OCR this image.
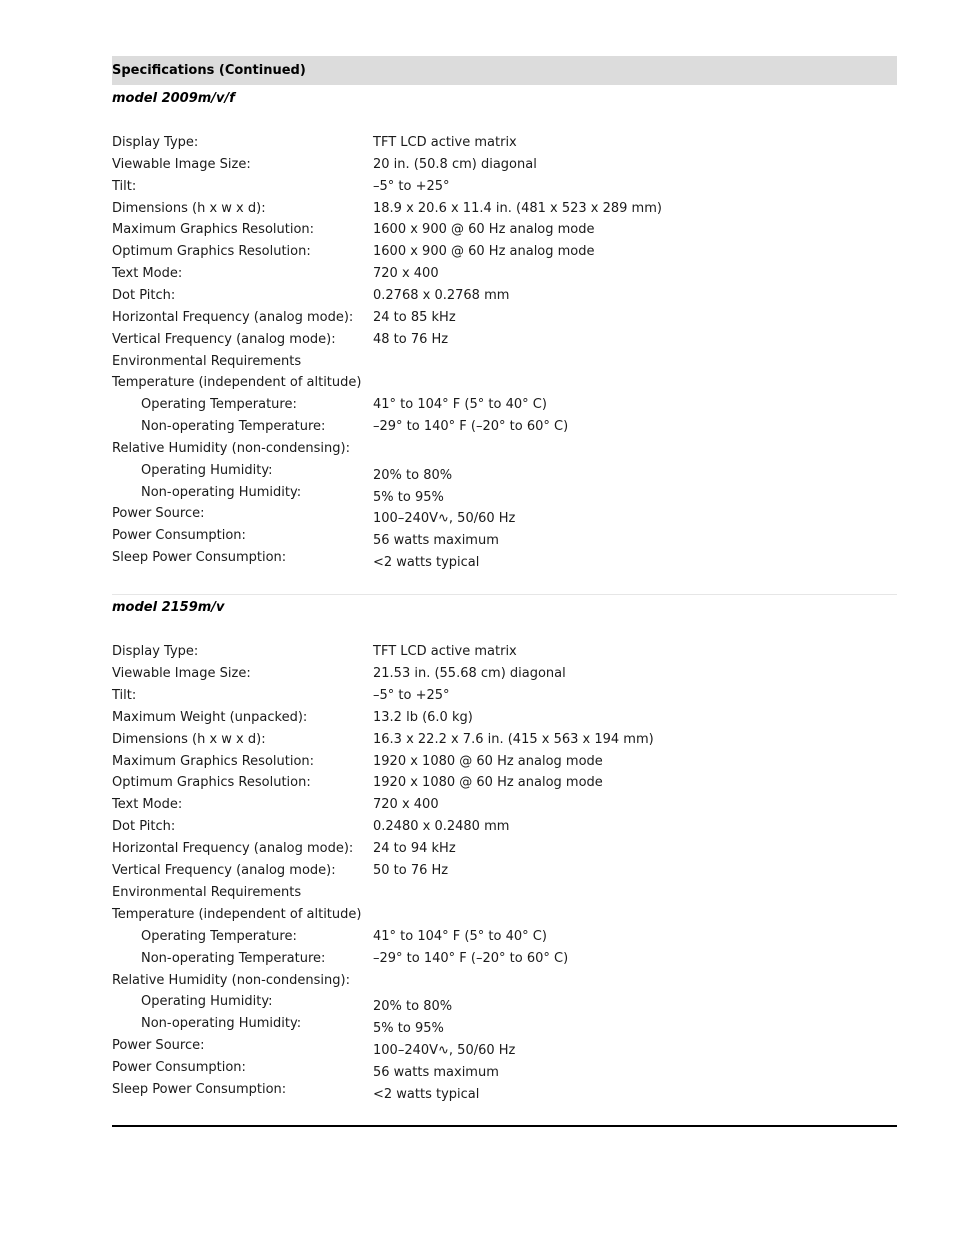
Specifications (Continued)
model 2009m/v/f
Display Type:	TFT LCD active matrix
Viewable Image Size:	20 in. (50.8 cm) diagonal
Tilt:	–5° to +25°
Dimensions (h x w x d):	18.9 x 20.6 x 11.4 in. (481 x 523 x 289 mm)
Maximum Graphics Resolution:	1600 x 900 @ 60 Hz analog mode
Optimum Graphics Resolution:	1600 x 900 @ 60 Hz analog mode
Text Mode:	720 x 400
Dot Pitch:	0.2768 x 0.2768 mm
Horizontal Frequency (analog mode): 24 to 85 kHz
Vertical Frequency (analog mode):	48 to 76 Hz
Environmental Requirements
Temperature (independent of altitude)
Operating Temperature:	41° to 104° F (5° to 40° C)
Non-operating Temperature:	–29° to 140° F (–20° to 60° C)
Relative Humidity (non-condensing):
Operating Humidity:	20% to 80%
Non-operating Humidity:	5% to 95%
Power Source:	100–240V∿, 50/60 Hz
Power Consumption:	56 watts maximum
Sleep Power Consumption:	<2 watts typical
model 2159m/v
Display Type:	TFT LCD active matrix
Viewable Image Size:	21.53 in. (55.68 cm) diagonal
Tilt:	–5° to +25°
Maximum Weight (unpacked):	13.2 lb (6.0 kg)
Dimensions (h x w x d):	16.3 x 22.2 x 7.6 in. (415 x 563 x 194 mm)
Maximum Graphics Resolution:	1920 x 1080 @ 60 Hz analog mode
Optimum Graphics Resolution:	1920 x 1080 @ 60 Hz analog mode
Text Mode:	720 x 400
Dot Pitch:	0.2480 x 0.2480 mm
Horizontal Frequency (analog mode): 24 to 94 kHz
Vertical Frequency (analog mode):	50 to 76 Hz
Environmental Requirements
Temperature (independent of altitude)
Operating Temperature:	41° to 104° F (5° to 40° C)
Non-operating Temperature:	–29° to 140° F (–20° to 60° C)
Relative Humidity (non-condensing):
Operating Humidity:	20% to 80%
Non-operating Humidity:	5% to 95%
Power Source:	100–240V∿, 50/60 Hz
Power Consumption:	56 watts maximum
Sleep Power Consumption:	<2 watts typical
